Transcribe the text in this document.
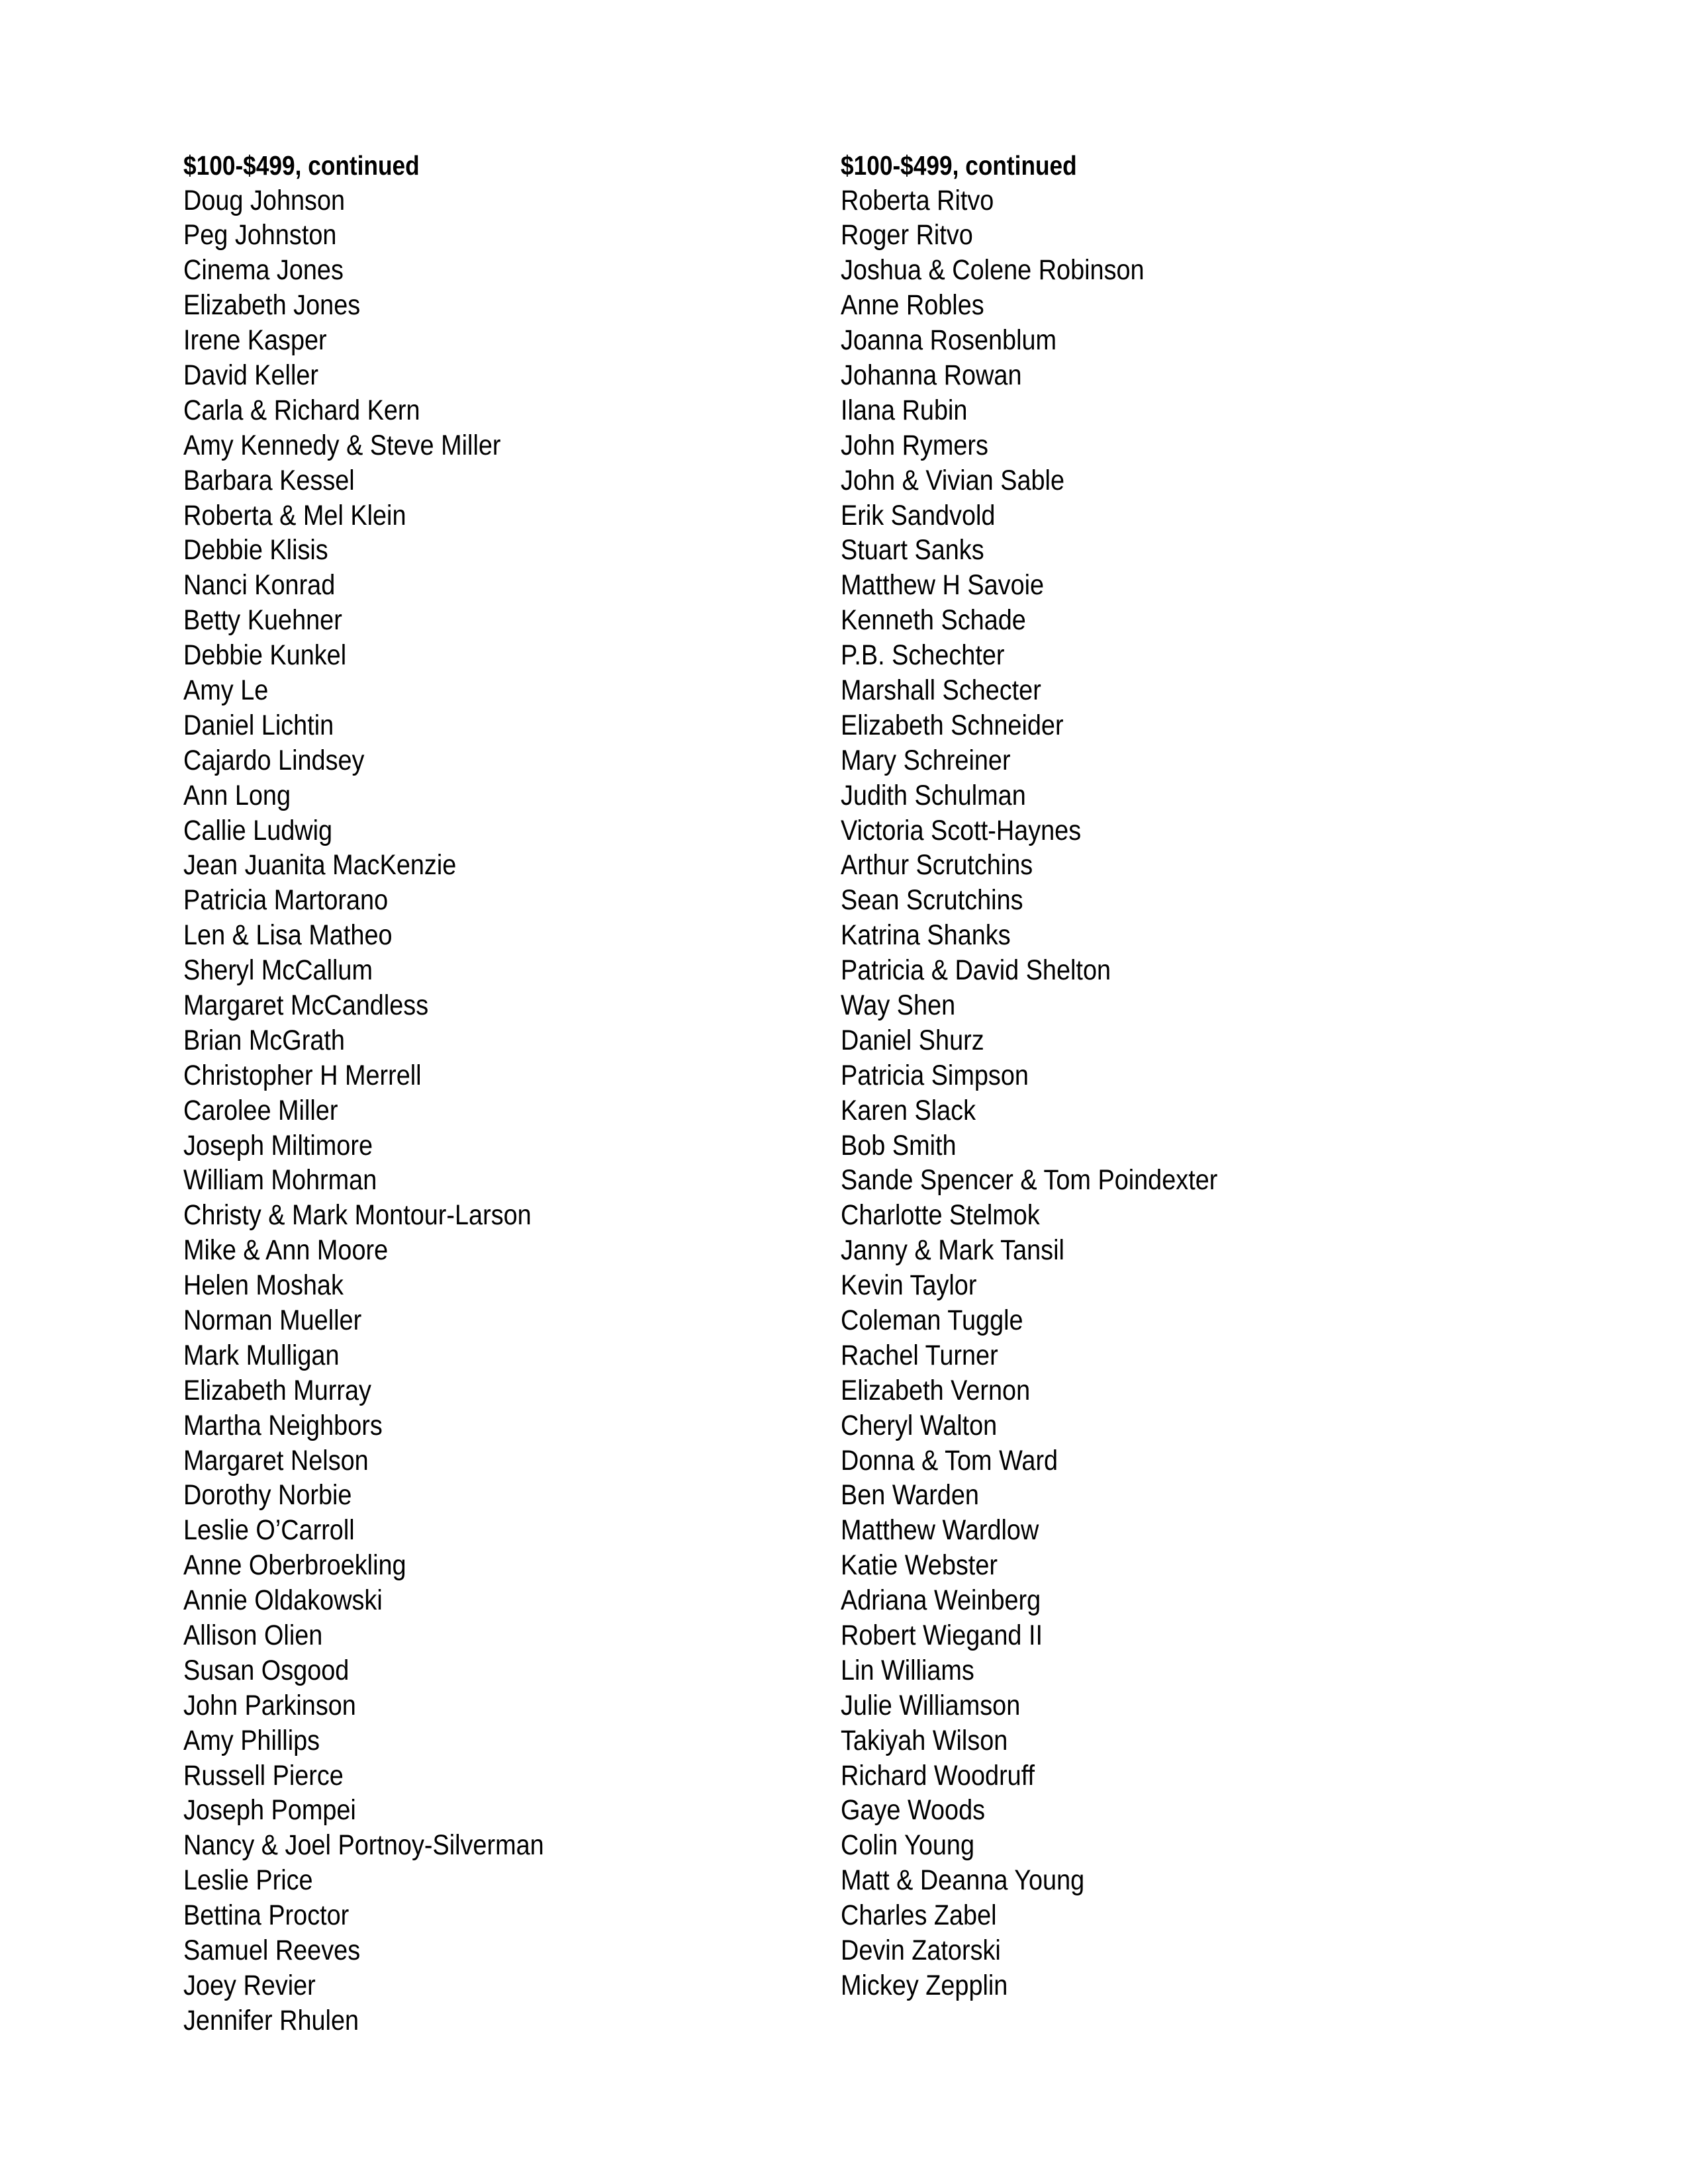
$100-$499, continued
Doug Johnson
Peg Johnston
Cinema Jones
Elizabeth Jones
Irene Kasper
David Keller
Carla & Richard Kern
Amy Kennedy & Steve Miller
Barbara Kessel
Roberta & Mel Klein
Debbie Klisis
Nanci Konrad
Betty Kuehner
Debbie Kunkel
Amy Le
Daniel Lichtin
Cajardo Lindsey
Ann Long
Callie Ludwig
Jean Juanita MacKenzie
Patricia Martorano
Len & Lisa Matheo
Sheryl McCallum
Margaret McCandless
Brian McGrath
Christopher H Merrell
Carolee Miller
Joseph Miltimore
William Mohrman
Christy & Mark Montour-Larson
Mike & Ann Moore
Helen Moshak
Norman Mueller
Mark Mulligan
Elizabeth Murray
Martha Neighbors
Margaret Nelson
Dorothy Norbie
Leslie O’Carroll
Anne Oberbroekling
Annie Oldakowski
Allison Olien
Susan Osgood
John Parkinson
Amy Phillips
Russell Pierce
Joseph Pompei
Nancy & Joel Portnoy-Silverman
Leslie Price
Bettina Proctor
Samuel Reeves
Joey Revier
Jennifer Rhulen
$100-$499, continued
Roberta Ritvo
Roger Ritvo
Joshua & Colene Robinson
Anne Robles
Joanna Rosenblum
Johanna Rowan
Ilana Rubin
John Rymers
John & Vivian Sable
Erik Sandvold
Stuart Sanks
Matthew H Savoie
Kenneth Schade
P.B. Schechter
Marshall Schecter
Elizabeth Schneider
Mary Schreiner
Judith Schulman
Victoria Scott-Haynes
Arthur Scrutchins
Sean Scrutchins
Katrina Shanks
Patricia & David Shelton
Way Shen
Daniel Shurz
Patricia Simpson
Karen Slack
Bob Smith
Sande Spencer & Tom Poindexter
Charlotte Stelmok
Janny & Mark Tansil
Kevin Taylor
Coleman Tuggle
Rachel Turner
Elizabeth Vernon
Cheryl Walton
Donna & Tom Ward
Ben Warden
Matthew Wardlow
Katie Webster
Adriana Weinberg
Robert Wiegand II
Lin Williams
Julie Williamson
Takiyah Wilson
Richard Woodruff
Gaye Woods
Colin Young
Matt & Deanna Young
Charles Zabel
Devin Zatorski
Mickey Zepplin
